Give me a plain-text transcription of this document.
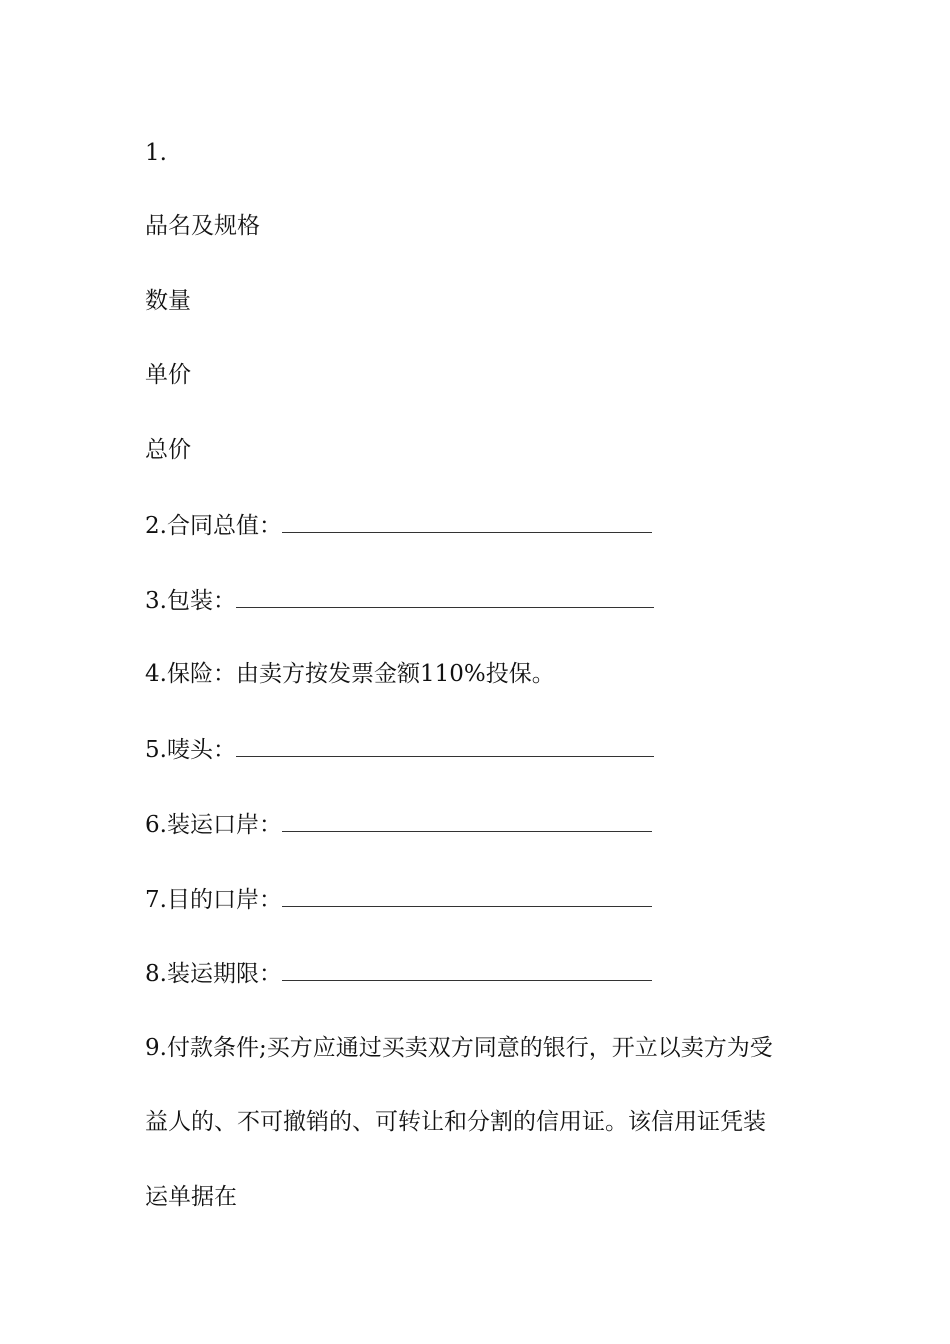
1.
品名及规格
数量
单价
总价
2.合同总值：
3.包装：
4.保险：由卖方按发票金额110%投保。
5.唛头：
6.装运口岸：
7.目的口岸：
8.装运期限：
9.付款条件;买方应通过买卖双方同意的银行，开立以卖方为受
益人的、不可撤销的、可转让和分割的信用证。该信用证凭装
运单据在
